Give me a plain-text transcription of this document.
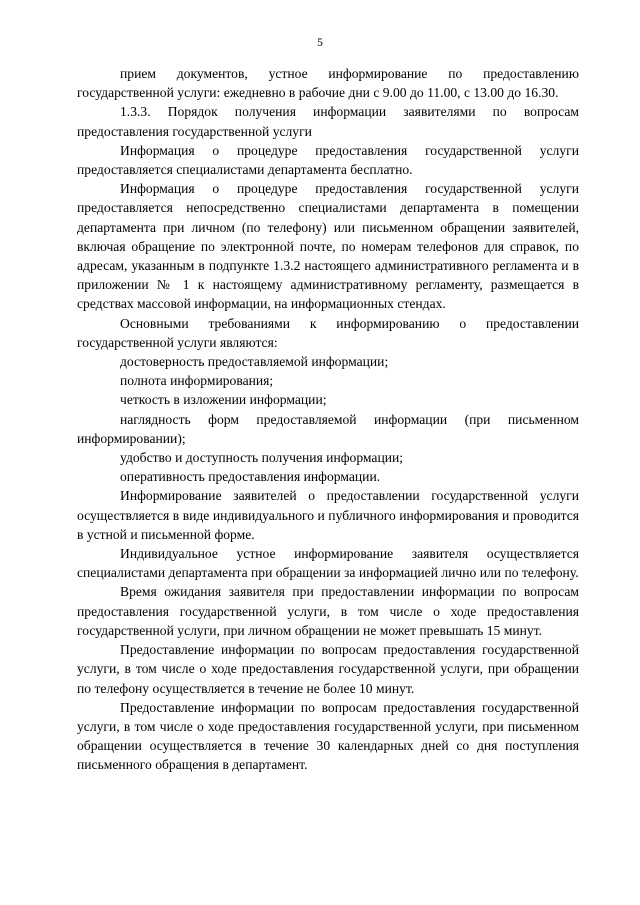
5

прием документов, устное информирование по предоставлению государственной услуги: ежедневно в рабочие дни с 9.00 до 11.00, с 13.00 до 16.30.

1.3.3. Порядок получения информации заявителями по вопросам предоставления государственной услуги

Информация о процедуре предоставления государственной услуги предоставляется специалистами департамента бесплатно.

Информация о процедуре предоставления государственной услуги предоставляется непосредственно специалистами департамента в помещении департамента при личном (по телефону) или письменном обращении заявителей, включая обращение по электронной почте, по номерам телефонов для справок, по адресам, указанным в подпункте 1.3.2 настоящего административного регламента и в приложении № 1 к настоящему административному регламенту, размещается в средствах массовой информации, на информационных стендах.

Основными требованиями к информированию о предоставлении государственной услуги являются:

достоверность предоставляемой информации;

полнота информирования;

четкость в изложении информации;

наглядность форм предоставляемой информации (при письменном информировании);

удобство и доступность получения информации;

оперативность предоставления информации.

Информирование заявителей о предоставлении государственной услуги осуществляется в виде индивидуального и публичного информирования и проводится в устной и письменной форме.

Индивидуальное устное информирование заявителя осуществляется специалистами департамента при обращении за информацией лично или по телефону.

Время ожидания заявителя при предоставлении информации по вопросам предоставления государственной услуги, в том числе о ходе предоставления государственной услуги, при личном обращении не может превышать 15 минут.

Предоставление информации по вопросам предоставления государственной услуги, в том числе о ходе предоставления государственной услуги, при обращении по телефону осуществляется в течение не более 10 минут.

Предоставление информации по вопросам предоставления государственной услуги, в том числе о ходе предоставления государственной услуги, при письменном обращении осуществляется в течение 30 календарных дней со дня поступления письменного обращения в департамент.
